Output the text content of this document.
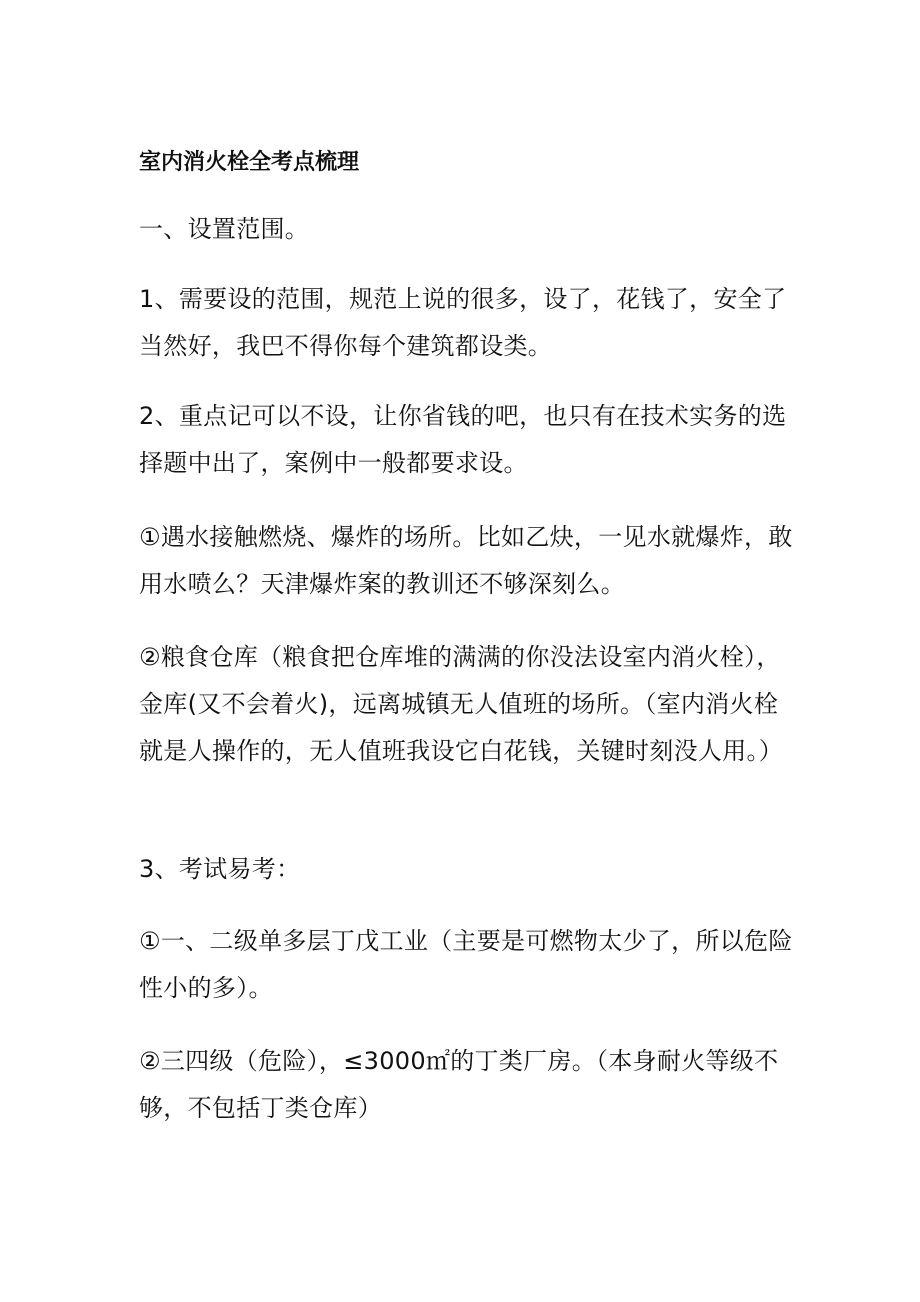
室内消火栓全考点梳理

一、设置范围。

1、需要设的范围，规范上说的很多，设了，花钱了，安全了当然好，我巴不得你每个建筑都设类。

2、重点记可以不设，让你省钱的吧，也只有在技术实务的选择题中出了，案例中一般都要求设。

①遇水接触燃烧、爆炸的场所。比如乙炔，一见水就爆炸，敢用水喷么？天津爆炸案的教训还不够深刻么。

②粮食仓库（粮食把仓库堆的满满的你没法设室内消火栓），金库(又不会着火)，远离城镇无人值班的场所。（室内消火栓就是人操作的，无人值班我设它白花钱，关键时刻没人用。）

3、考试易考：

①一、二级单多层丁戊工业（主要是可燃物太少了，所以危险性小的多）。

②三四级（危险），≤3000㎡的丁类厂房。（本身耐火等级不够，不包括丁类仓库）
